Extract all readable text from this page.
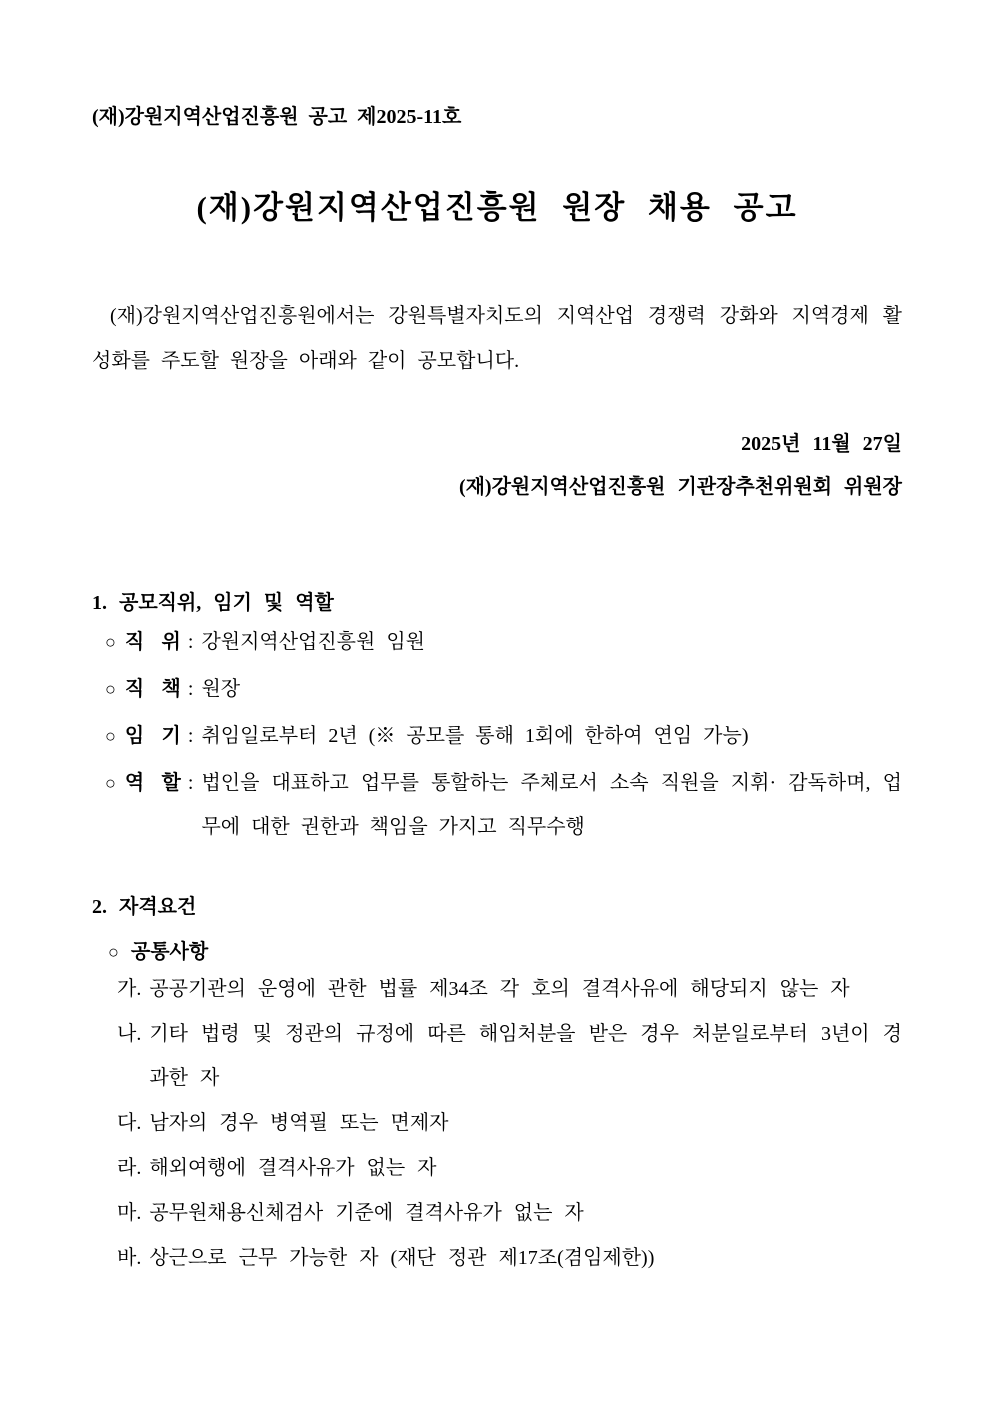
(재)강원지역산업진흥원 공고 제2025-11호
(재)강원지역산업진흥원 원장 채용 공고

(재)강원지역산업진흥원에서는 강원특별자치도의 지역산업 경쟁력 강화와 지역경제 활성화를 주도할 원장을 아래와 같이 공모합니다.

2025년 11월 27일
(재)강원지역산업진흥원 기관장추천위원회 위원장
1. 공모직위, 임기 및 역할
○ 직 위 : 강원지역산업진흥원 임원
○ 직 책 : 원장
○ 임 기 : 취임일로부터 2년 (※ 공모를 통해 1회에 한하여 연임 가능)
○ 역 할 : 법인을 대표하고 업무를 통할하는 주체로서 소속 직원을 지휘· 감독하며, 업무에 대한 권한과 책임을 가지고 직무수행
2. 자격요건
○ 공통사항
가. 공공기관의 운영에 관한 법률 제34조 각 호의 결격사유에 해당되지 않는 자
나. 기타 법령 및 정관의 규정에 따른 해임처분을 받은 경우 처분일로부터 3년이 경과한 자
다. 남자의 경우 병역필 또는 면제자
라. 해외여행에 결격사유가 없는 자
마. 공무원채용신체검사 기준에 결격사유가 없는 자
바. 상근으로 근무 가능한 자 (재단 정관 제17조(겸임제한))
